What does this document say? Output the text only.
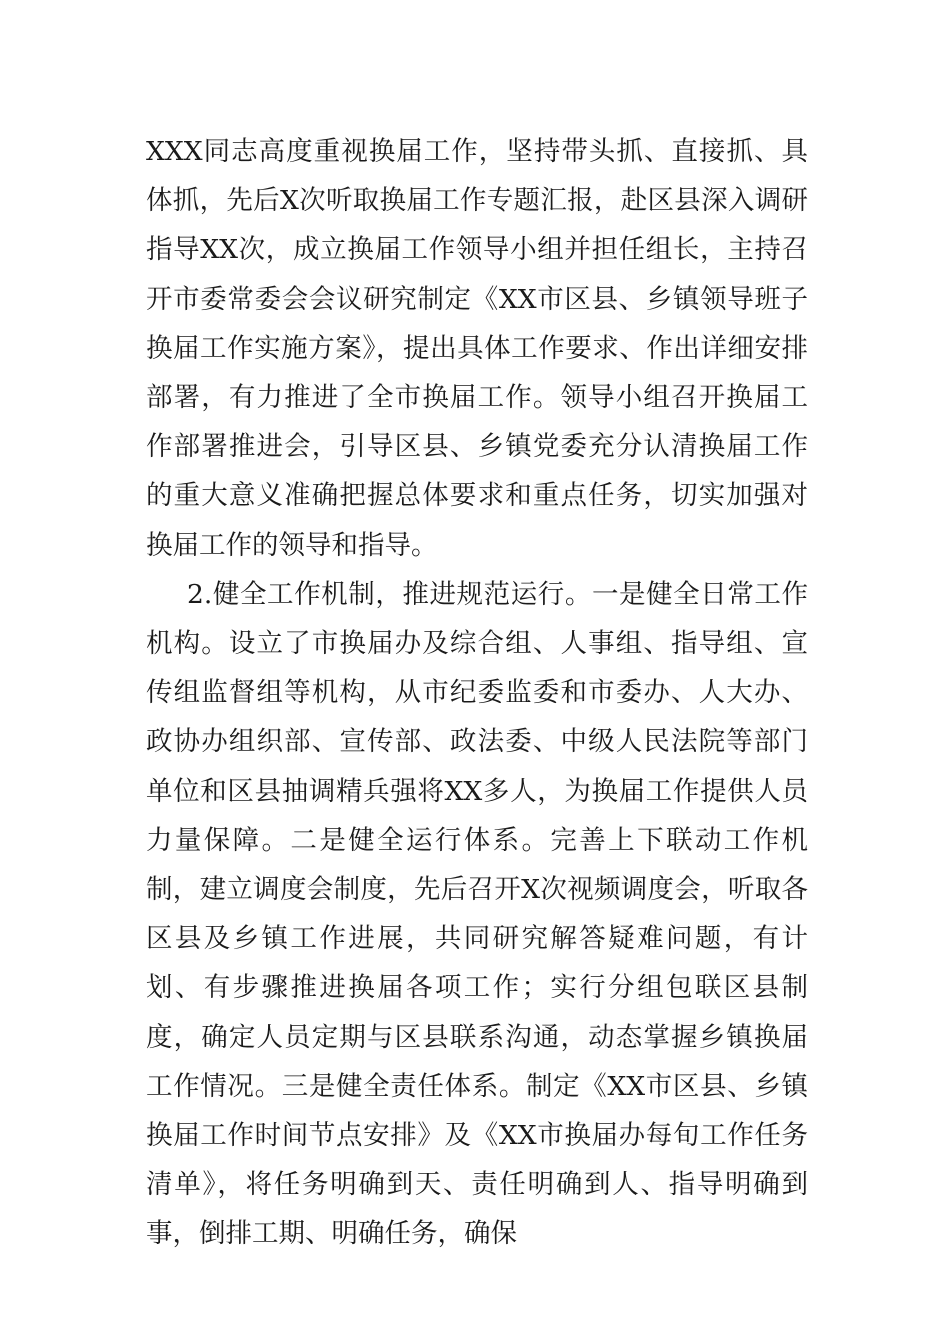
XXX同志高度重视换届工作，坚持带头抓、直接抓、具体抓，先后X次听取换届工作专题汇报，赴区县深入调研指导XX次，成立换届工作领导小组并担任组长，主持召开市委常委会会议研究制定《XX市区县、乡镇领导班子换届工作实施方案》，提出具体工作要求、作出详细安排部署，有力推进了全市换届工作。领导小组召开换届工作部署推进会，引导区县、乡镇党委充分认清换届工作的重大意义准确把握总体要求和重点任务，切实加强对换届工作的领导和指导。

2.健全工作机制，推进规范运行。一是健全日常工作机构。设立了市换届办及综合组、人事组、指导组、宣传组监督组等机构，从市纪委监委和市委办、人大办、政协办组织部、宣传部、政法委、中级人民法院等部门单位和区县抽调精兵强将XX多人，为换届工作提供人员力量保障。二是健全运行体系。完善上下联动工作机制，建立调度会制度，先后召开X次视频调度会，听取各区县及乡镇工作进展，共同研究解答疑难问题，有计划、有步骤推进换届各项工作；实行分组包联区县制度，确定人员定期与区县联系沟通，动态掌握乡镇换届工作情况。三是健全责任体系。制定《XX市区县、乡镇换届工作时间节点安排》及《XX市换届办每旬工作任务清单》，将任务明确到天、责任明确到人、指导明确到事，倒排工期、明确任务，确保
